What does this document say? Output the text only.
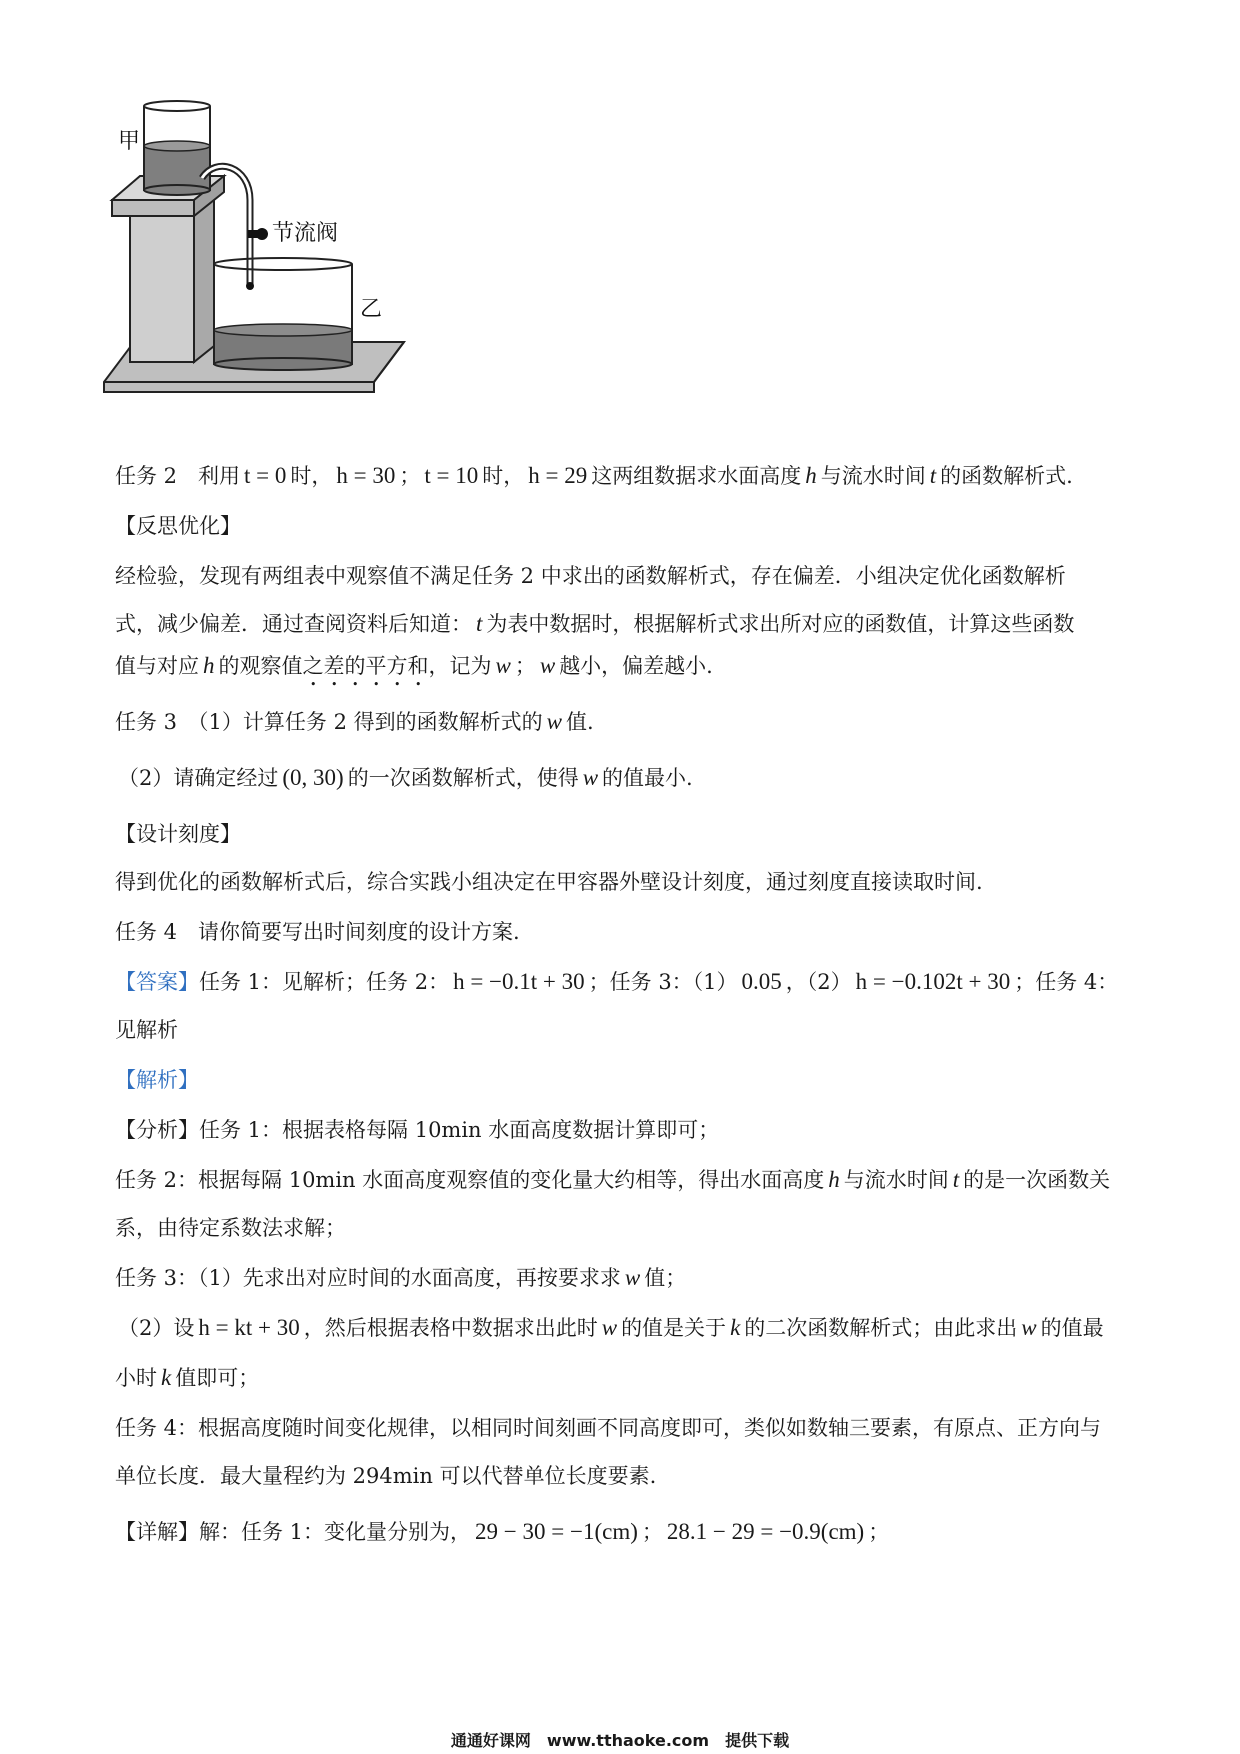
甲
节流阀
乙
任务 2　利用 t = 0 时， h = 30 ； t = 10 时， h = 29 这两组数据求水面高度 h 与流水时间 t 的函数解析式.
【反思优化】
经检验，发现有两组表中观察值不满足任务 2 中求出的函数解析式，存在偏差．小组决定优化函数解析
式，减少偏差．通过查阅资料后知道： t 为表中数据时，根据解析式求出所对应的函数值，计算这些函数
值与对应 h 的观察值之差的平方和，记为 w ； w 越小，偏差越小.
任务 3　（1）计算任务 2 得到的函数解析式的 w 值.
（2）请确定经过 (0, 30) 的一次函数解析式，使得 w 的值最小.
【设计刻度】
得到优化的函数解析式后，综合实践小组决定在甲容器外壁设计刻度，通过刻度直接读取时间.
任务 4　请你简要写出时间刻度的设计方案.
【答案】任务 1：见解析；任务 2： h = −0.1t + 30 ；任务 3：（1） 0.05 ，（2） h = −0.102t + 30 ；任务 4：
见解析
【解析】
【分析】任务 1：根据表格每隔 10min 水面高度数据计算即可；
任务 2：根据每隔 10min 水面高度观察值的变化量大约相等，得出水面高度 h 与流水时间 t 的是一次函数关
系，由待定系数法求解；
任务 3：（1）先求出对应时间的水面高度，再按要求求 w 值；
（2）设 h = kt + 30 ，然后根据表格中数据求出此时 w 的值是关于 k 的二次函数解析式；由此求出 w 的值最
小时 k 值即可；
任务 4：根据高度随时间变化规律，以相同时间刻画不同高度即可，类似如数轴三要素，有原点、正方向与
单位长度．最大量程约为 294min 可以代替单位长度要素.
【详解】解：任务 1：变化量分别为， 29 − 30 = −1(cm) ； 28.1 − 29 = −0.9(cm) ；
通通好课网　www.tthaoke.com　提供下载
